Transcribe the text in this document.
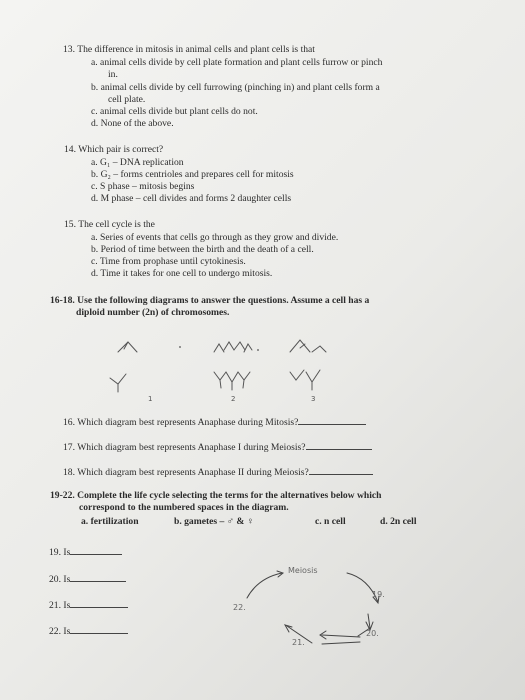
13. The difference in mitosis in animal cells and plant cells is that
a. animal cells divide by cell plate formation and plant cells furrow or pinch
in.
b. animal cells divide by cell furrowing (pinching in) and plant cells form a
cell plate.
c. animal cells divide but plant cells do not.
d. None of the above.
14. Which pair is correct?
a. G₁ – DNA replication
b. G₂ – forms centrioles and prepares cell for mitosis
c. S phase – mitosis begins
d. M phase – cell divides and forms 2 daughter cells
15. The cell cycle is the
a. Series of events that cells go through as they grow and divide.
b. Period of time between the birth and the death of a cell.
c. Time from prophase until cytokinesis.
d. Time it takes for one cell to undergo mitosis.
16-18. Use the following diagrams to answer the questions. Assume a cell has a
diploid number (2n) of chromosomes.
1	2	3
16. Which diagram best represents Anaphase during Mitosis?
17. Which diagram best represents Anaphase I during Meiosis?
18. Which diagram best represents Anaphase II during Meiosis?
19-22. Complete the life cycle selecting the terms for the alternatives below which
correspond to the numbered spaces in the diagram.
a. fertilization	b. gametes – ♂ & ♀	c. n cell	d. 2n cell
19. Is
20. Is
21. Is
22. Is
Meiosis
19.
20.
21.
22.
